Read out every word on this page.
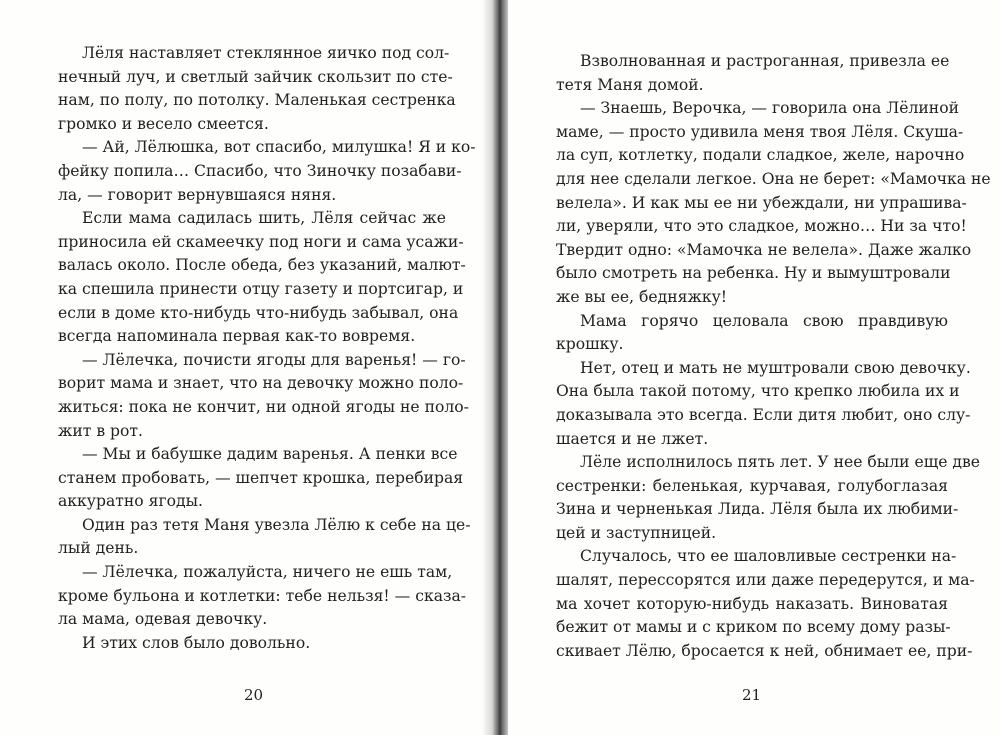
Лёля наставляет стеклянное яичко под сол-
нечный луч, и светлый зайчик скользит по сте-
нам, по полу, по потолку. Маленькая сестренка
громко и весело смеется.
— Ай, Лёлюшка, вот спасибо, милушка! Я и ко-
фейку попила… Спасибо, что Зиночку позабави-
ла, — говорит вернувшаяся няня.
Если мама садилась шить, Лёля сейчас же
приносила ей скамеечку под ноги и сама усажи-
валась около. После обеда, без указаний, малют-
ка спешила принести отцу газету и портсигар, и
если в доме кто-нибудь что-нибудь забывал, она
всегда напоминала первая как-то вовремя.
— Лёлечка, почисти ягоды для варенья! — го-
ворит мама и знает, что на девочку можно поло-
житься: пока не кончит, ни одной ягоды не поло-
жит в рот.
— Мы и бабушке дадим варенья. А пенки все
станем пробовать, — шепчет крошка, перебирая
аккуратно ягоды.
Один раз тетя Маня увезла Лёлю к себе на це-
лый день.
— Лёлечка, пожалуйста, ничего не ешь там,
кроме бульона и котлетки: тебе нельзя! — сказа-
ла мама, одевая девочку.
И этих слов было довольно.
20
Взволнованная и растроганная, привезла ее
тетя Маня домой.
— Знаешь, Верочка, — говорила она Лёлиной
маме, — просто удивила меня твоя Лёля. Скуша-
ла суп, котлетку, подали сладкое, желе, нарочно
для нее сделали легкое. Она не берет: «Мамочка не
велела». И как мы ее ни убеждали, ни упрашива-
ли, уверяли, что это сладкое, можно… Ни за что!
Твердит одно: «Мамочка не велела». Даже жалко
было смотреть на ребенка. Ну и вымуштровали
же вы ее, бедняжку!
Мама горячо целовала свою правдивую
крошку.
Нет, отец и мать не муштровали свою девочку.
Она была такой потому, что крепко любила их и
доказывала это всегда. Если дитя любит, оно слу-
шается и не лжет.
Лёле исполнилось пять лет. У нее были еще две
сестренки: беленькая, курчавая, голубоглазая
Зина и черненькая Лида. Лёля была их любими-
цей и заступницей.
Случалось, что ее шаловливые сестренки на-
шалят, перессорятся или даже передерутся, и ма-
ма хочет которую-нибудь наказать. Виноватая
бежит от мамы и с криком по всему дому разы-
скивает Лёлю, бросается к ней, обнимает ее, при-
21
